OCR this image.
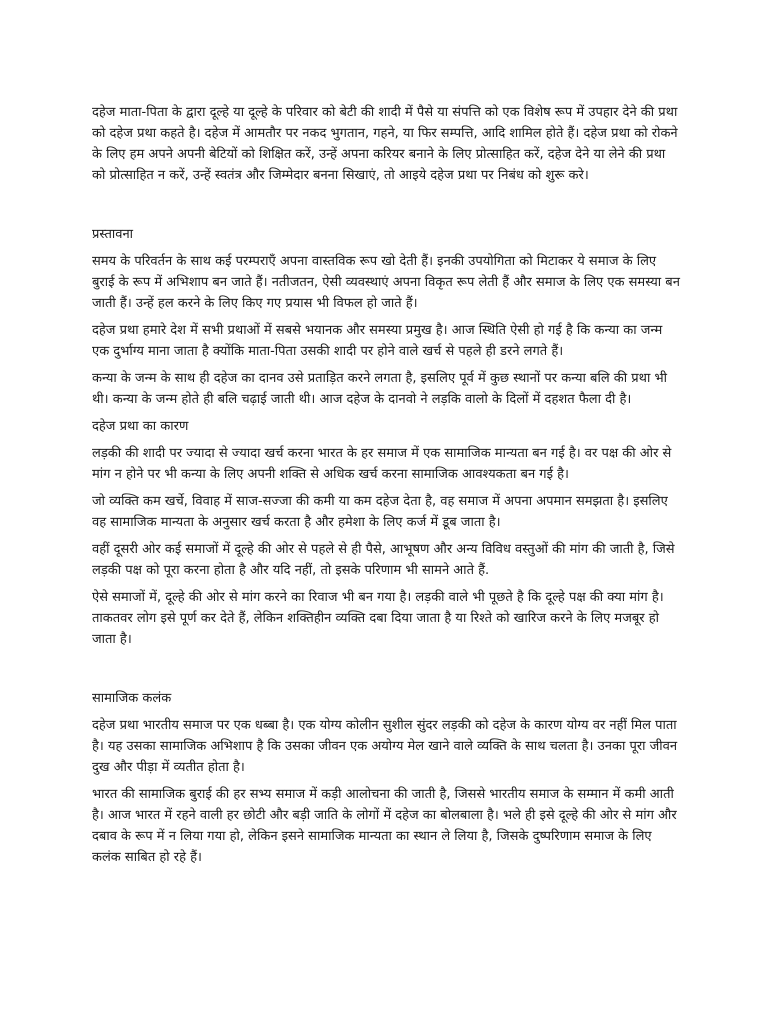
दहेज माता-पिता के द्वारा दूल्हे या दूल्हे के परिवार को बेटी की शादी में पैसे या संपत्ति को एक विशेष रूप में उपहार देने की प्रथा को दहेज प्रथा कहते है। दहेज में आमतौर पर नकद भुगतान, गहने, या फिर सम्पत्ति, आदि शामिल होते हैं। दहेज प्रथा को रोकने के लिए हम अपने अपनी बेटियों को शिक्षित करें, उन्हें अपना करियर बनाने के लिए प्रोत्साहित करें, दहेज देने या लेने की प्रथा को प्रोत्साहित न करें, उन्हें स्वतंत्र और जिम्मेदार बनना सिखाएं, तो आइये दहेज प्रथा पर निबंध को शुरू करे।

प्रस्तावना

समय के परिवर्तन के साथ कई परम्पराएँ अपना वास्तविक रूप खो देती हैं। इनकी उपयोगिता को मिटाकर ये समाज के लिए बुराई के रूप में अभिशाप बन जाते हैं। नतीजतन, ऐसी व्यवस्थाएं अपना विकृत रूप लेती हैं और समाज के लिए एक समस्या बन जाती हैं। उन्हें हल करने के लिए किए गए प्रयास भी विफल हो जाते हैं।

दहेज प्रथा हमारे देश में सभी प्रथाओं में सबसे भयानक और समस्या प्रमुख है। आज स्थिति ऐसी हो गई है कि कन्या का जन्म एक दुर्भाग्य माना जाता है क्योंकि माता-पिता उसकी शादी पर होने वाले खर्च से पहले ही डरने लगते हैं।

कन्या के जन्म के साथ ही दहेज का दानव उसे प्रताड़ित करने लगता है, इसलिए पूर्व में कुछ स्थानों पर कन्या बलि की प्रथा भी थी। कन्या के जन्म होते ही बलि चढ़ाई जाती थी। आज दहेज के दानवो ने लड़कि वालो के दिलों में दहशत फैला दी है।

दहेज प्रथा का कारण

लड़की की शादी पर ज्यादा से ज्यादा खर्च करना भारत के हर समाज में एक सामाजिक मान्यता बन गई है। वर पक्ष की ओर से मांग न होने पर भी कन्या के लिए अपनी शक्ति से अधिक खर्च करना सामाजिक आवश्यकता बन गई है।

जो व्यक्ति कम खर्चे, विवाह में साज-सज्जा की कमी या कम दहेज देता है, वह समाज में अपना अपमान समझता है। इसलिए वह सामाजिक मान्यता के अनुसार खर्च करता है और हमेशा के लिए कर्ज में डूब जाता है।

वहीं दूसरी ओर कई समाजों में दूल्हे की ओर से पहले से ही पैसे, आभूषण और अन्य विविध वस्तुओं की मांग की जाती है, जिसे लड़की पक्ष को पूरा करना होता है और यदि नहीं, तो इसके परिणाम भी सामने आते हैं.

ऐसे समाजों में, दूल्हे की ओर से मांग करने का रिवाज भी बन गया है। लड़की वाले भी पूछते है कि दूल्हे पक्ष की क्या मांग है। ताकतवर लोग इसे पूर्ण कर देते हैं, लेकिन शक्तिहीन व्यक्ति दबा दिया जाता है या रिश्ते को खारिज करने के लिए मजबूर हो जाता है।

सामाजिक कलंक

दहेज प्रथा भारतीय समाज पर एक धब्बा है। एक योग्य कोलीन सुशील सुंदर लड़की को दहेज के कारण योग्य वर नहीं मिल पाता है। यह उसका सामाजिक अभिशाप है कि उसका जीवन एक अयोग्य मेल खाने वाले व्यक्ति के साथ चलता है। उनका पूरा जीवन दुख और पीड़ा में व्यतीत होता है।

भारत की सामाजिक बुराई की हर सभ्य समाज में कड़ी आलोचना की जाती है, जिससे भारतीय समाज के सम्मान में कमी आती है। आज भारत में रहने वाली हर छोटी और बड़ी जाति के लोगों में दहेज का बोलबाला है। भले ही इसे दूल्हे की ओर से मांग और दबाव के रूप में न लिया गया हो, लेकिन इसने सामाजिक मान्यता का स्थान ले लिया है, जिसके दुष्परिणाम समाज के लिए कलंक साबित हो रहे हैं।
